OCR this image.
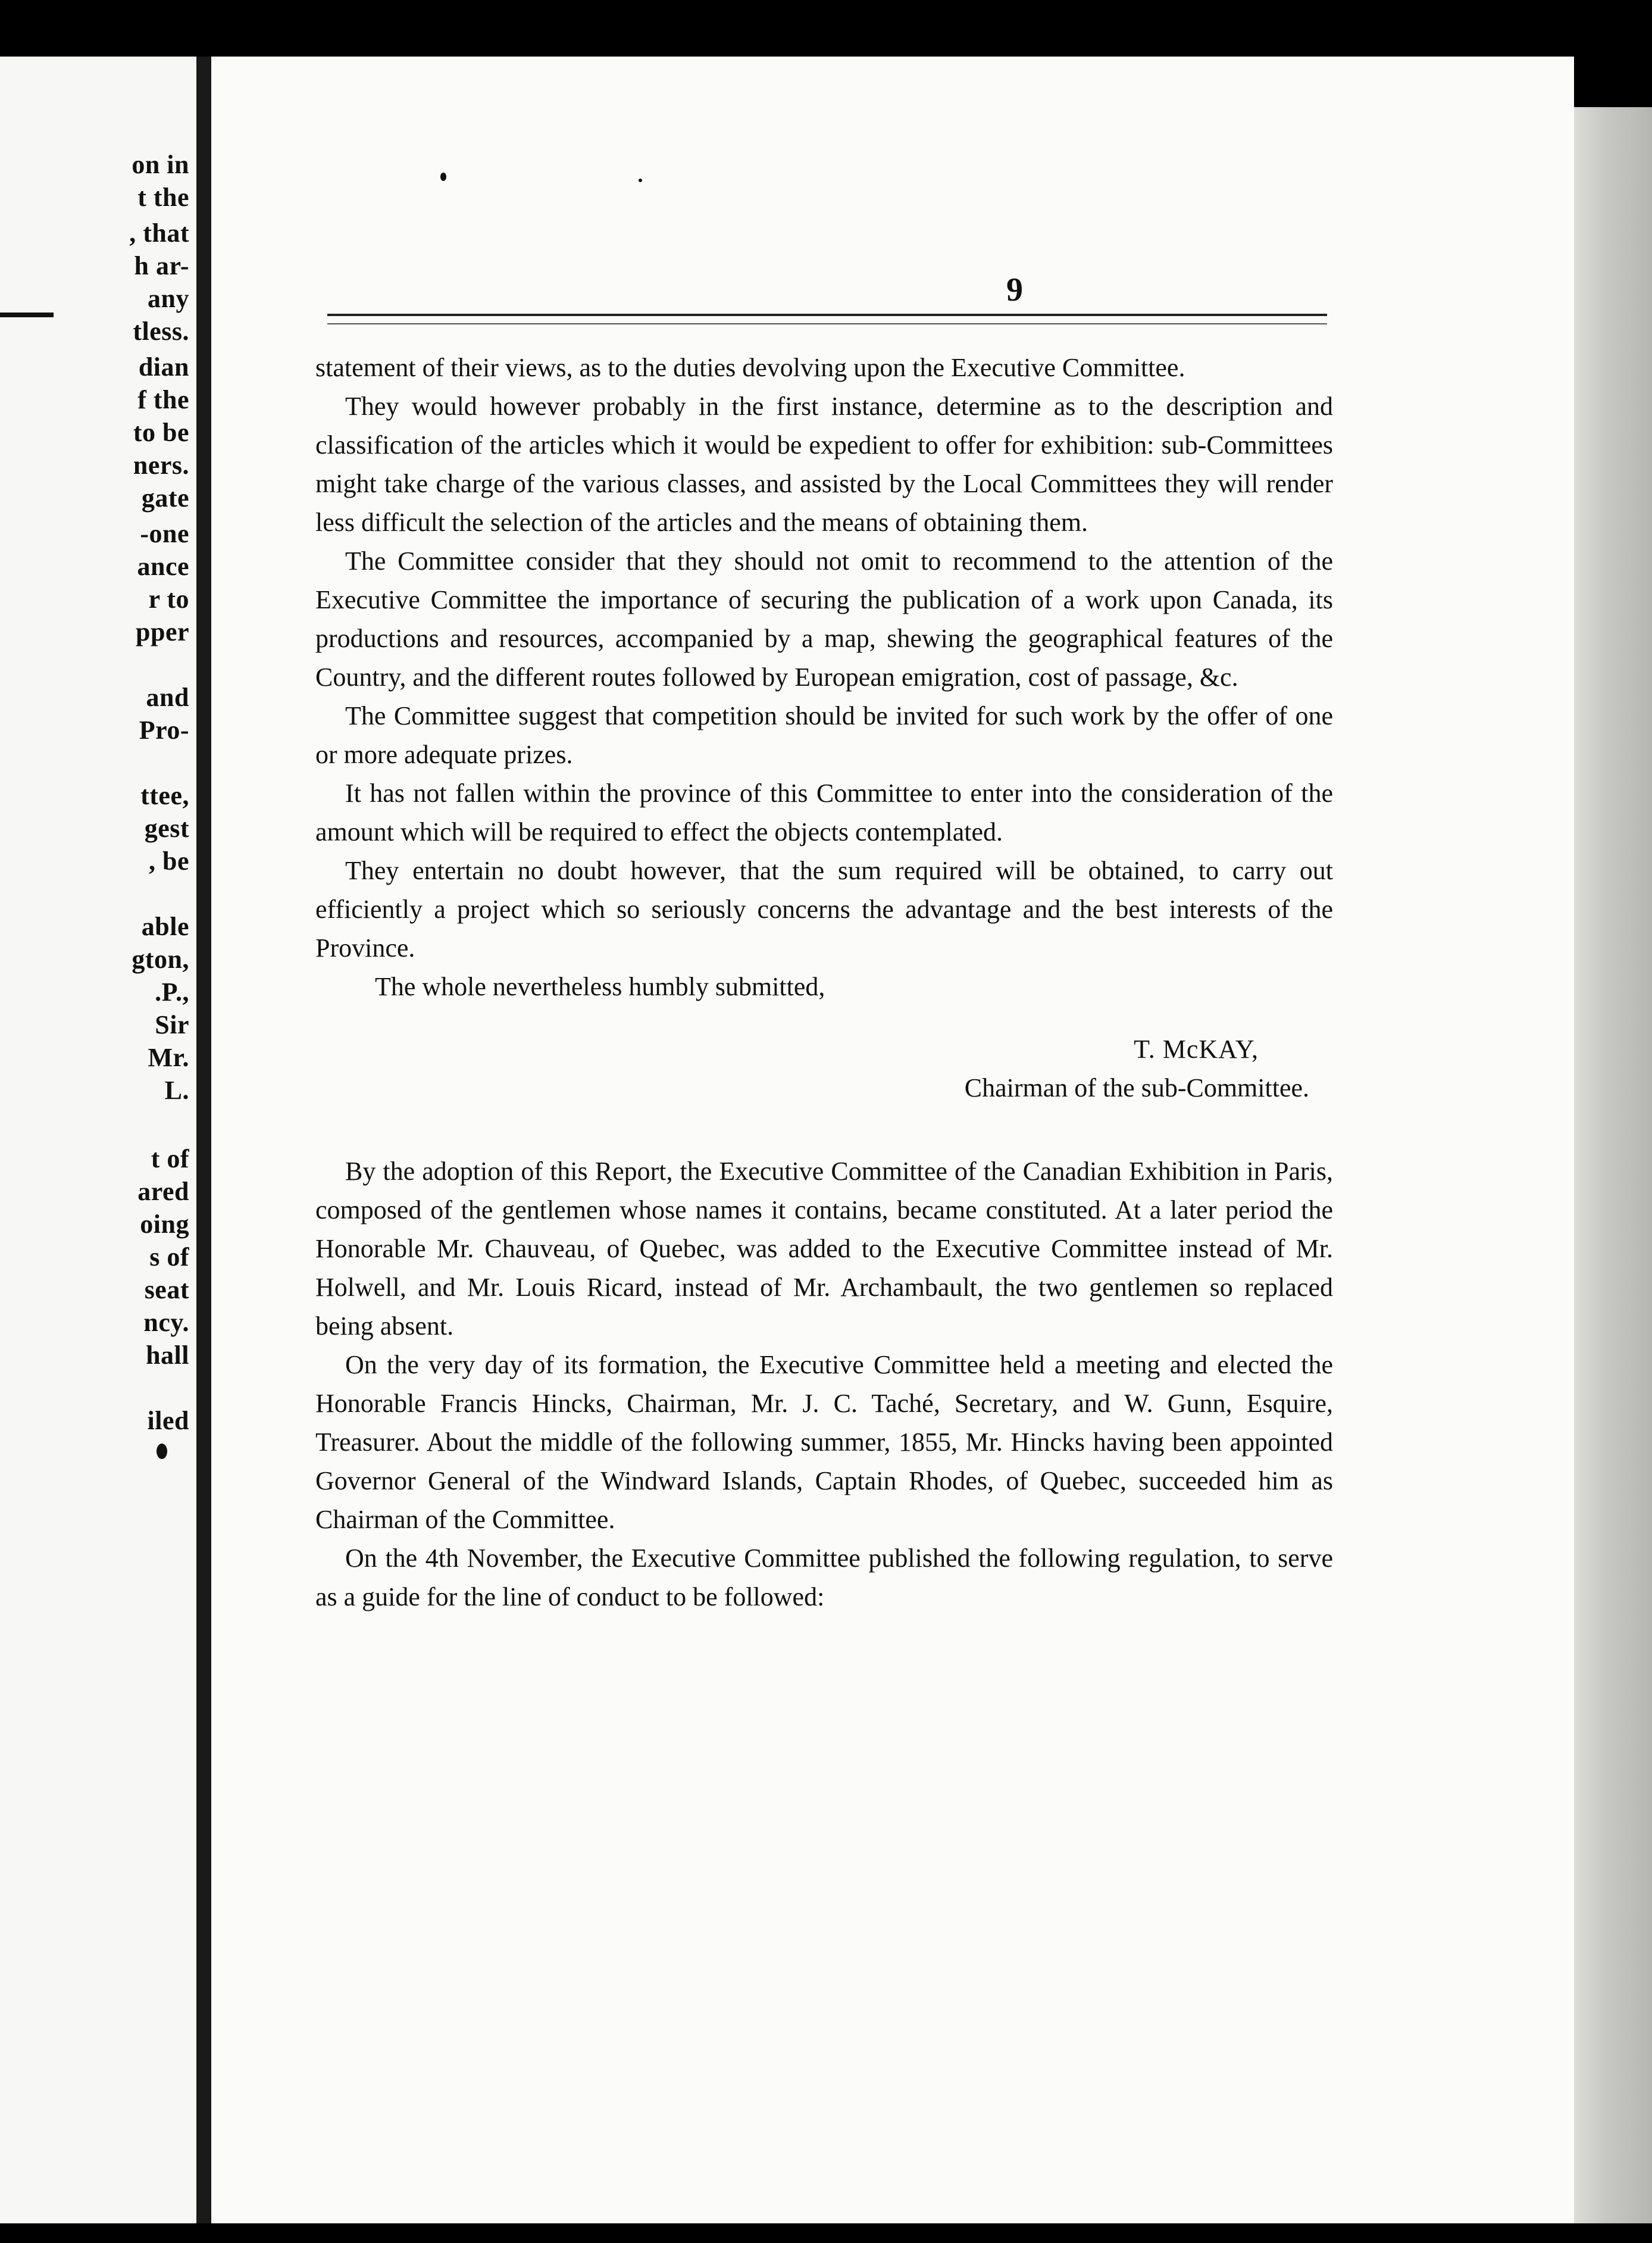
on in
t the
, that
h ar-
any
tless.
dian
f the
to be
ners.
gate
-one
ance
r to
pper
and
Pro-
ttee,
gest
, be
able
gton,
.P.,
Sir
Mr.
L.
t of
ared
oing
s of
seat
ncy.
hall
iled
9

statement of their views, as to the duties devolving upon the Executive Committee.

They would however probably in the first instance, determine as to the description and classification of the articles which it would be expedient to offer for exhibition: sub-Committees might take charge of the various classes, and assisted by the Local Committees they will render less difficult the selection of the articles and the means of obtaining them.

The Committee consider that they should not omit to recommend to the attention of the Executive Committee the importance of securing the publication of a work upon Canada, its productions and resources, accompanied by a map, shewing the geographical features of the Country, and the different routes followed by European emigration, cost of passage, &c.

The Committee suggest that competition should be invited for such work by the offer of one or more adequate prizes.

It has not fallen within the province of this Committee to enter into the consideration of the amount which will be required to effect the objects contemplated.

They entertain no doubt however, that the sum required will be obtained, to carry out efficiently a project which so seriously concerns the advantage and the best interests of the Province.

The whole nevertheless humbly submitted,

T. McKAY,
Chairman of the sub-Committee.

By the adoption of this Report, the Executive Committee of the Canadian Exhibition in Paris, composed of the gentlemen whose names it contains, became constituted. At a later period the Honorable Mr. Chauveau, of Quebec, was added to the Executive Committee instead of Mr. Holwell, and Mr. Louis Ricard, instead of Mr. Archambault, the two gentlemen so replaced being absent.

On the very day of its formation, the Executive Committee held a meeting and elected the Honorable Francis Hincks, Chairman, Mr. J. C. Taché, Secretary, and W. Gunn, Esquire, Treasurer. About the middle of the following summer, 1855, Mr. Hincks having been appointed Governor General of the Windward Islands, Captain Rhodes, of Quebec, succeeded him as Chairman of the Committee.

On the 4th November, the Executive Committee published the following regulation, to serve as a guide for the line of conduct to be followed:
